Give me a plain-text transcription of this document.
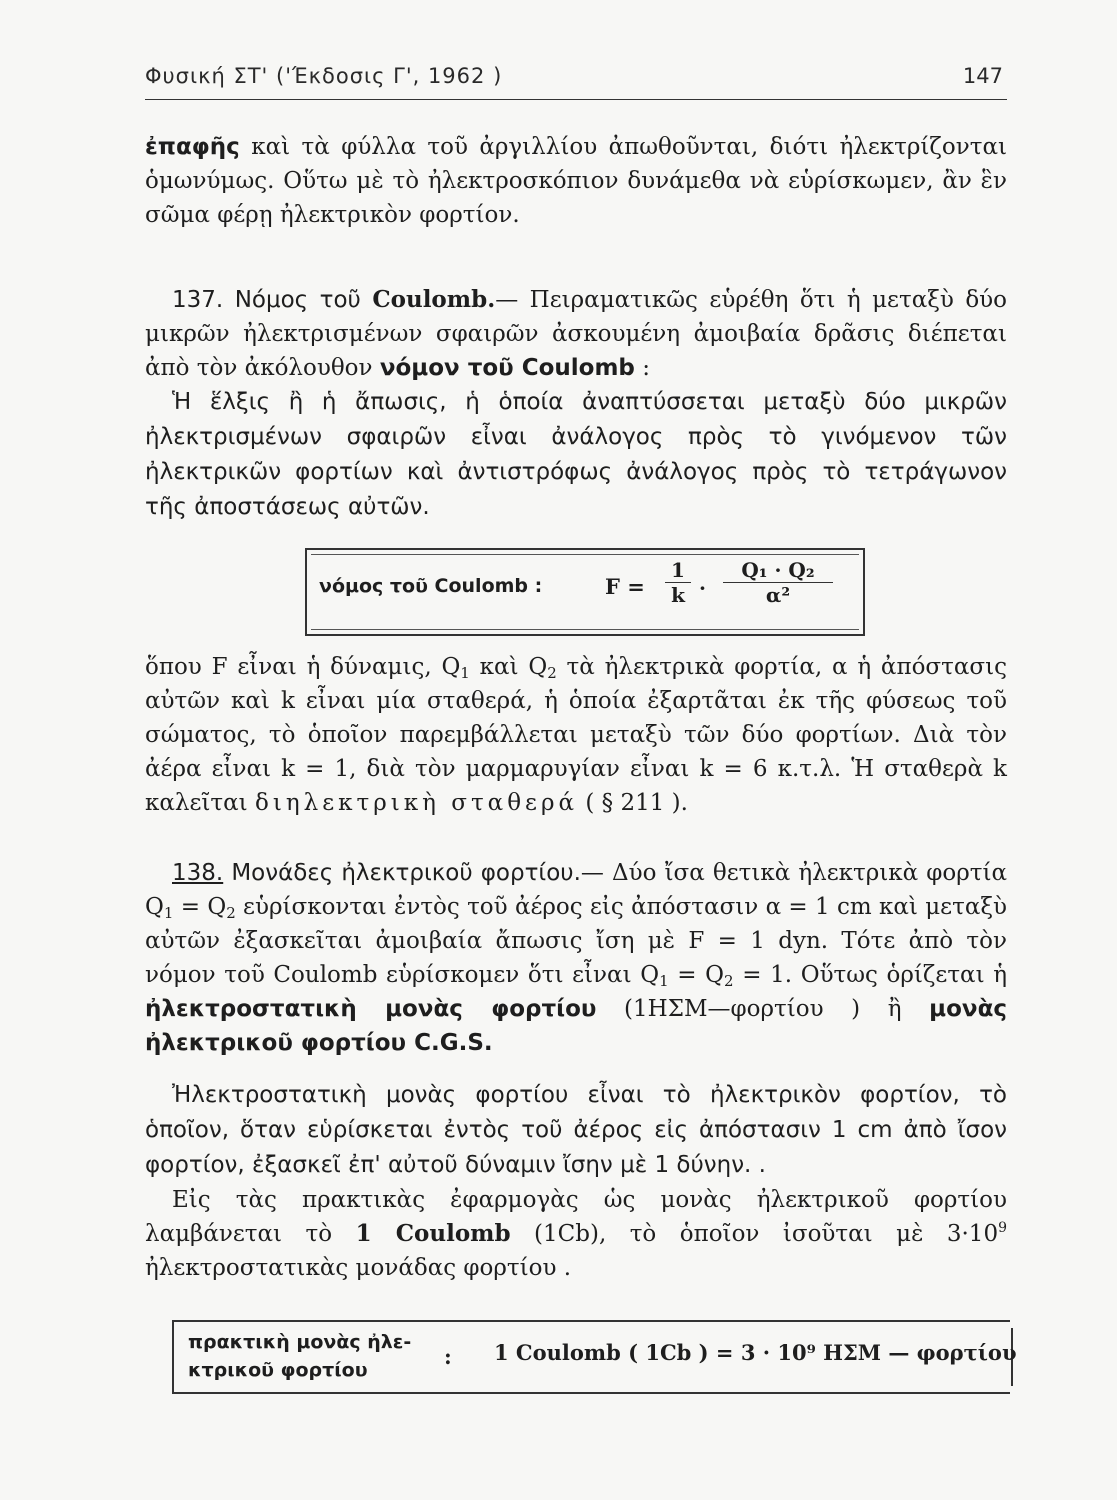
Φυσική ΣΤ' ('Έκδοσις Γ', 1962 )	147
ἐπαφῆς καὶ τὰ φύλλα τοῦ ἀργιλλίου ἀπωθοῦνται, διότι ἠλεκτρίζονται ὁμωνύμως. Οὕτω μὲ τὸ ἠλεκτροσκόπιον δυνάμεθα νὰ εὑρίσκωμεν, ἂν ἓν σῶμα φέρῃ ἠλεκτρικὸν φορτίον.
137. Νόμος τοῦ Coulomb.— Πειραματικῶς εὑρέθη ὅτι ἡ μεταξὺ δύο μικρῶν ἠλεκτρισμένων σφαιρῶν ἀσκουμένη ἀμοιβαία δρᾶσις διέπεται ἀπὸ τὸν ἀκόλουθον νόμον τοῦ Coulomb :
Ἡ ἕλξις ἢ ἡ ἄπωσις, ἡ ὁποία ἀναπτύσσεται μεταξὺ δύο μικρῶν ἠλεκτρισμένων σφαιρῶν εἶναι ἀνάλογος πρὸς τὸ γινόμενον τῶν ἠλεκτρικῶν φορτίων καὶ ἀντιστρόφως ἀνάλογος πρὸς τὸ τετράγωνον τῆς ἀποστάσεως αὐτῶν.
νόμος τοῦ Coulomb :	$F = \frac{1}{k} \cdot \frac{\text{Q₁ · Q₂}}{\text{α²}}$
ὅπου F εἶναι ἡ δύναμις, $Q_1$ καὶ $Q_2$ τὰ ἠλεκτρικὰ φορτία, α ἡ ἀπόστασις αὐτῶν καὶ k εἶναι μία σταθερά, ἡ ὁποία ἐξαρτᾶται ἐκ τῆς φύσεως τοῦ σώματος, τὸ ὁποῖον παρεμβάλλεται μεταξὺ τῶν δύο φορτίων. Διὰ τὸν ἀέρα εἶναι k = 1, διὰ τὸν μαρμαρυγίαν εἶναι k = 6 κ.τ.λ. Ἡ σταθερὰ k καλεῖται διηλεκτρικὴ σταθερά ( § 211 ).
138. Μονάδες ἠλεκτρικοῦ φορτίου.— Δύο ἴσα θετικὰ ἠλεκτρικὰ φορτία $Q_1 = Q_2$ εὑρίσκονται ἐντὸς τοῦ ἀέρος εἰς ἀπόστασιν α = 1 cm καὶ μεταξὺ αὐτῶν ἐξασκεῖται ἀμοιβαία ἄπωσις ἴση μὲ F = 1 dyn. Τότε ἀπὸ τὸν νόμον τοῦ Coulomb εὑρίσκομεν ὅτι εἶναι $Q_1 = Q_2 = 1$. Οὕτως ὁρίζεται ἡ ἠλεκτροστατικὴ μονὰς φορτίου (1ΗΣΜ—φορτίου ) ἢ μονὰς ἠλεκτρικοῦ φορτίου C.G.S.
Ἠλεκτροστατικὴ μονὰς φορτίου εἶναι τὸ ἠλεκτρικὸν φορτίον, τὸ ὁποῖον, ὅταν εὑρίσκεται ἐντὸς τοῦ ἀέρος εἰς ἀπόστασιν 1 cm ἀπὸ ἴσον φορτίον, ἐξασκεῖ ἐπ' αὐτοῦ δύναμιν ἴσην μὲ 1 δύνην. .
Εἰς τὰς πρακτικὰς ἐφαρμογὰς ὡς μονὰς ἠλεκτρικοῦ φορτίου λαμβάνεται τὸ 1 Coulomb (1Cb), τὸ ὁποῖον ἰσοῦται μὲ $3\cdot 10^9$ ἠλεκτροστατικὰς μονάδας φορτίου .
πρακτικὴ μονὰς ἠλε-
κτρικοῦ φορτίου
: 1 Coulomb ( 1Cb ) = 3 · 10⁹ ΗΣΜ — φορτίου
